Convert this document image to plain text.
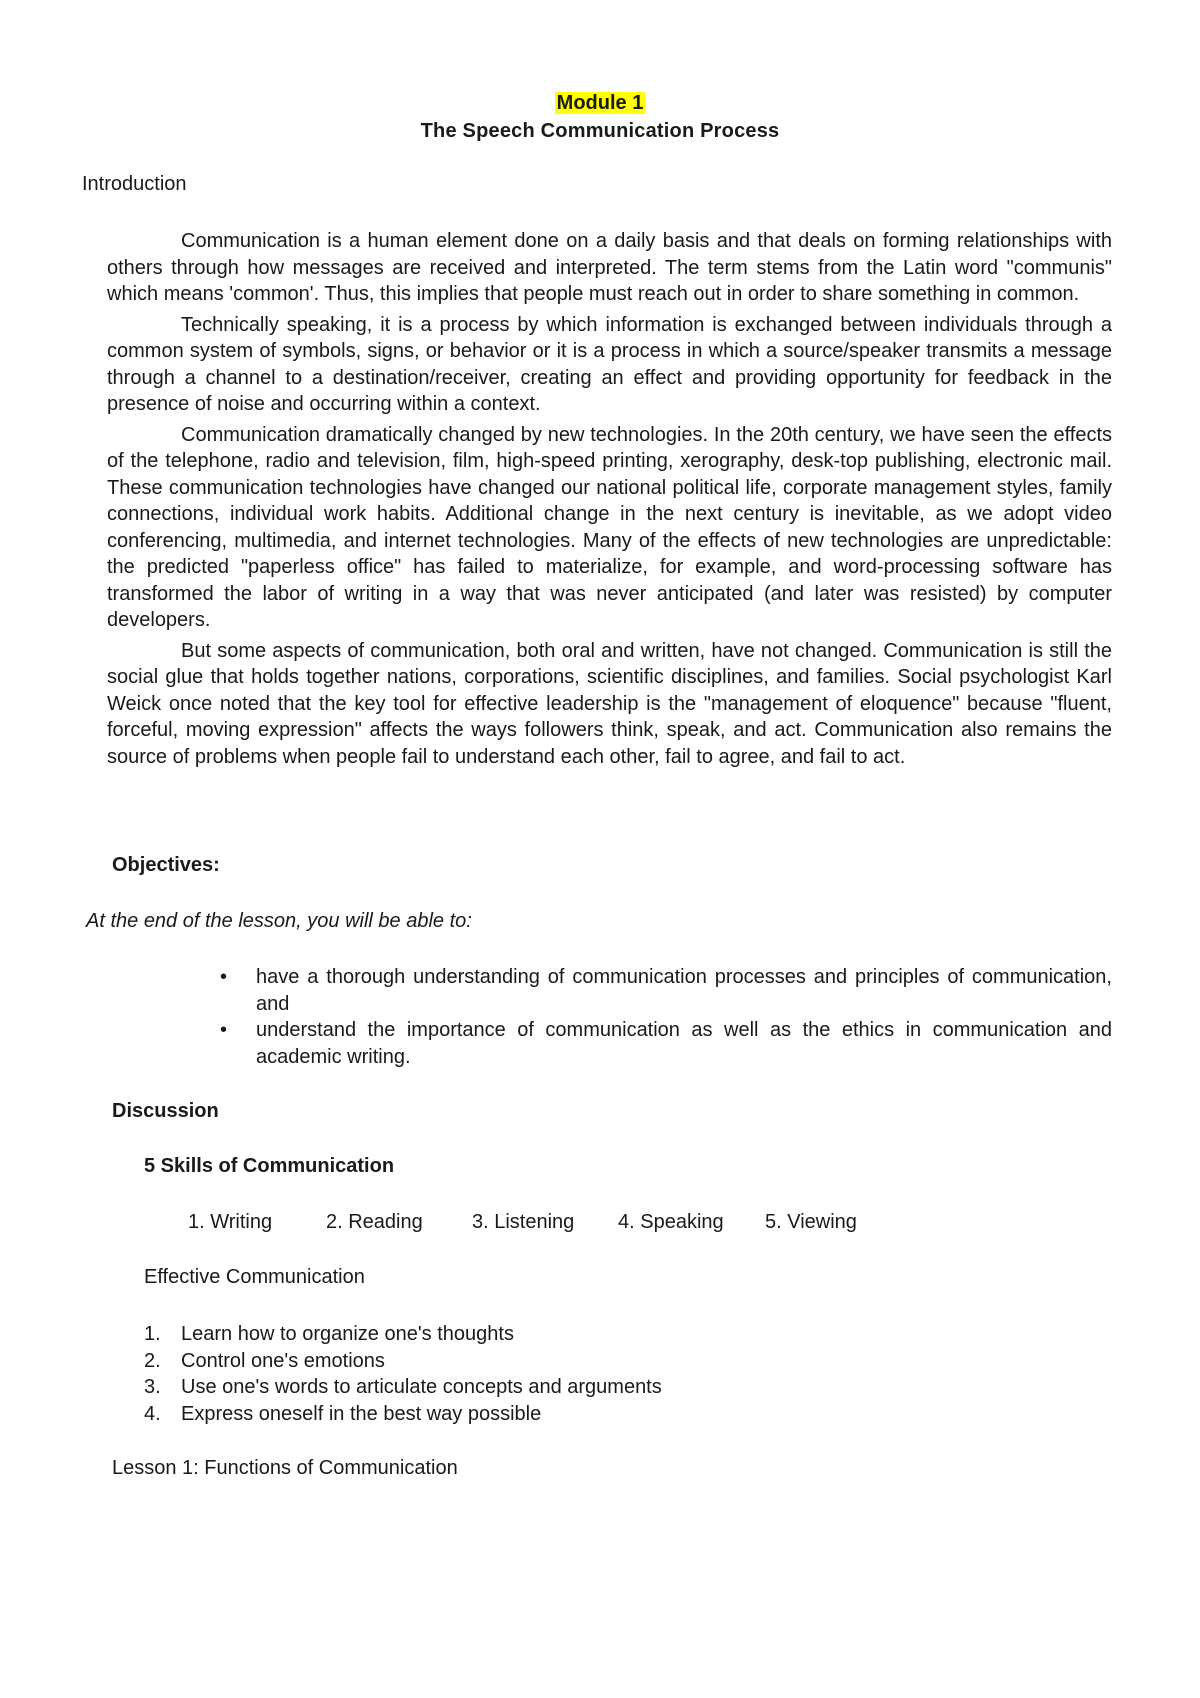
Module 1
The Speech Communication Process
Introduction

Communication is a human element done on a daily basis and that deals on forming relationships with others through how messages are received and interpreted. The term stems from the Latin word "communis" which means 'common'. Thus, this implies that people must reach out in order to share something in common.

Technically speaking, it is a process by which information is exchanged between individuals through a common system of symbols, signs, or behavior or it is a process in which a source/speaker transmits a message through a channel to a destination/receiver, creating an effect and providing opportunity for feedback in the presence of noise and occurring within a context.

Communication dramatically changed by new technologies. In the 20th century, we have seen the effects of the telephone, radio and television, film, high-speed printing, xerography, desk-top publishing, electronic mail. These communication technologies have changed our national political life, corporate management styles, family connections, individual work habits. Additional change in the next century is inevitable, as we adopt video conferencing, multimedia, and internet technologies. Many of the effects of new technologies are unpredictable: the predicted "paperless office" has failed to materialize, for example, and word-processing software has transformed the labor of writing in a way that was never anticipated (and later was resisted) by computer developers.

But some aspects of communication, both oral and written, have not changed. Communication is still the social glue that holds together nations, corporations, scientific disciplines, and families. Social psychologist Karl Weick once noted that the key tool for effective leadership is the "management of eloquence" because "fluent, forceful, moving expression" affects the ways followers think, speak, and act. Communication also remains the source of problems when people fail to understand each other, fail to agree, and fail to act.

Objectives:
At the end of the lesson, you will be able to:
• have a thorough understanding of communication processes and principles of communication, and
• understand the importance of communication as well as the ethics in communication and academic writing.
Discussion
5 Skills of Communication
1. Writing	2. Reading 3. Listening 4. Speaking 5. Viewing
Effective Communication
1. Learn how to organize one's thoughts
2. Control one's emotions
3. Use one's words to articulate concepts and arguments
4. Express oneself in the best way possible
Lesson 1: Functions of Communication
